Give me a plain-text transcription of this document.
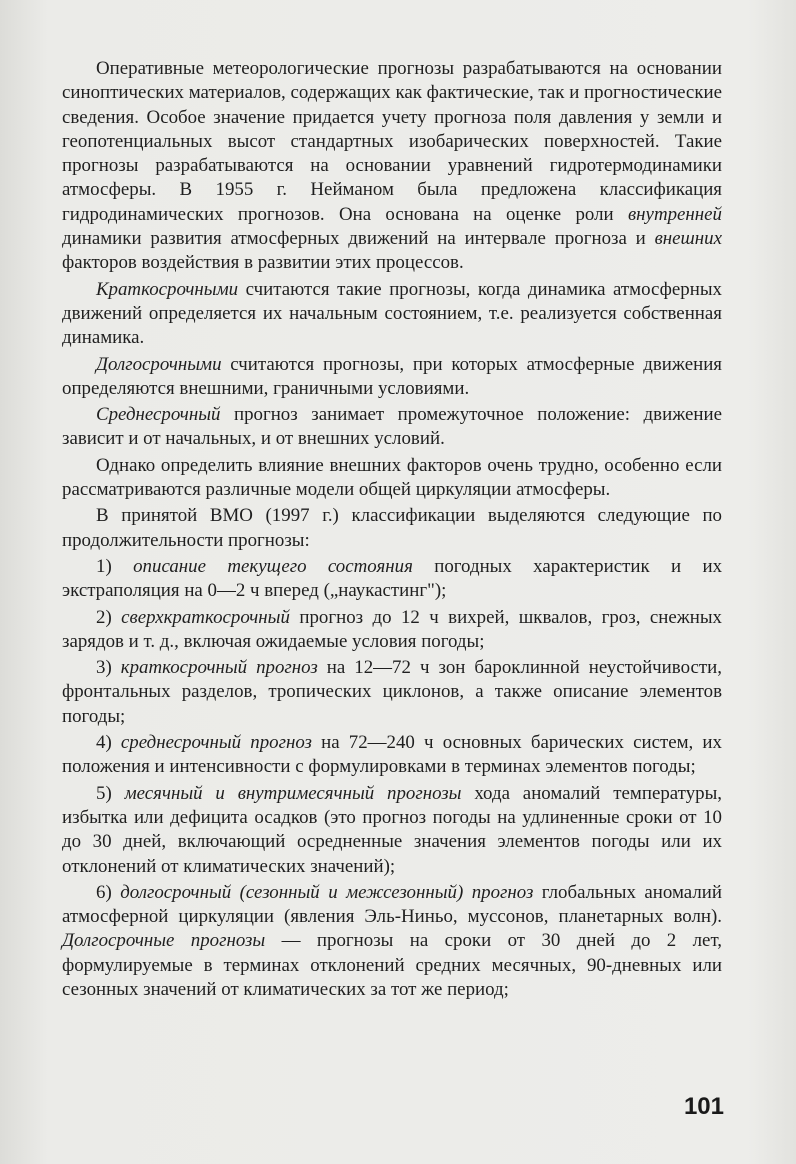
Оперативные метеорологические прогнозы разрабатываются на основании синоптических материалов, содержащих как фактические, так и прогностические сведения. Особое значение придается учету прогноза поля давления у земли и геопотенциальных высот стандартных изобарических поверхностей. Такие прогнозы разрабатываются на основании уравнений гидротермодинамики атмосферы. В 1955 г. Нейманом была предложена классификация гидродинамических прогнозов. Она основана на оценке роли внутренней динамики развития атмосферных движений на интервале прогноза и внешних факторов воздействия в развитии этих процессов.

Краткосрочными считаются такие прогнозы, когда динамика атмосферных движений определяется их начальным состоянием, т.е. реализуется собственная динамика.

Долгосрочными считаются прогнозы, при которых атмосферные движения определяются внешними, граничными условиями.

Среднесрочный прогноз занимает промежуточное положение: движение зависит и от начальных, и от внешних условий.

Однако определить влияние внешних факторов очень трудно, особенно если рассматриваются различные модели общей циркуляции атмосферы.

В принятой ВМО (1997 г.) классификации выделяются следующие по продолжительности прогнозы:

1) описание текущего состояния погодных характеристик и их экстраполяция на 0—2 ч вперед („наукастинг");

2) сверхкраткосрочный прогноз до 12 ч вихрей, шквалов, гроз, снежных зарядов и т. д., включая ожидаемые условия погоды;

3) краткосрочный прогноз на 12—72 ч зон бароклинной неустойчивости, фронтальных разделов, тропических циклонов, а также описание элементов погоды;

4) среднесрочный прогноз на 72—240 ч основных барических систем, их положения и интенсивности с формулировками в терминах элементов погоды;

5) месячный и внутримесячный прогнозы хода аномалий температуры, избытка или дефицита осадков (это прогноз погоды на удлиненные сроки от 10 до 30 дней, включающий осредненные значения элементов погоды или их отклонений от климатических значений);

6) долгосрочный (сезонный и межсезонный) прогноз глобальных аномалий атмосферной циркуляции (явления Эль-Ниньо, муссонов, планетарных волн). Долгосрочные прогнозы — прогнозы на сроки от 30 дней до 2 лет, формулируемые в терминах отклонений средних месячных, 90-дневных или сезонных значений от климатических за тот же период;

101
